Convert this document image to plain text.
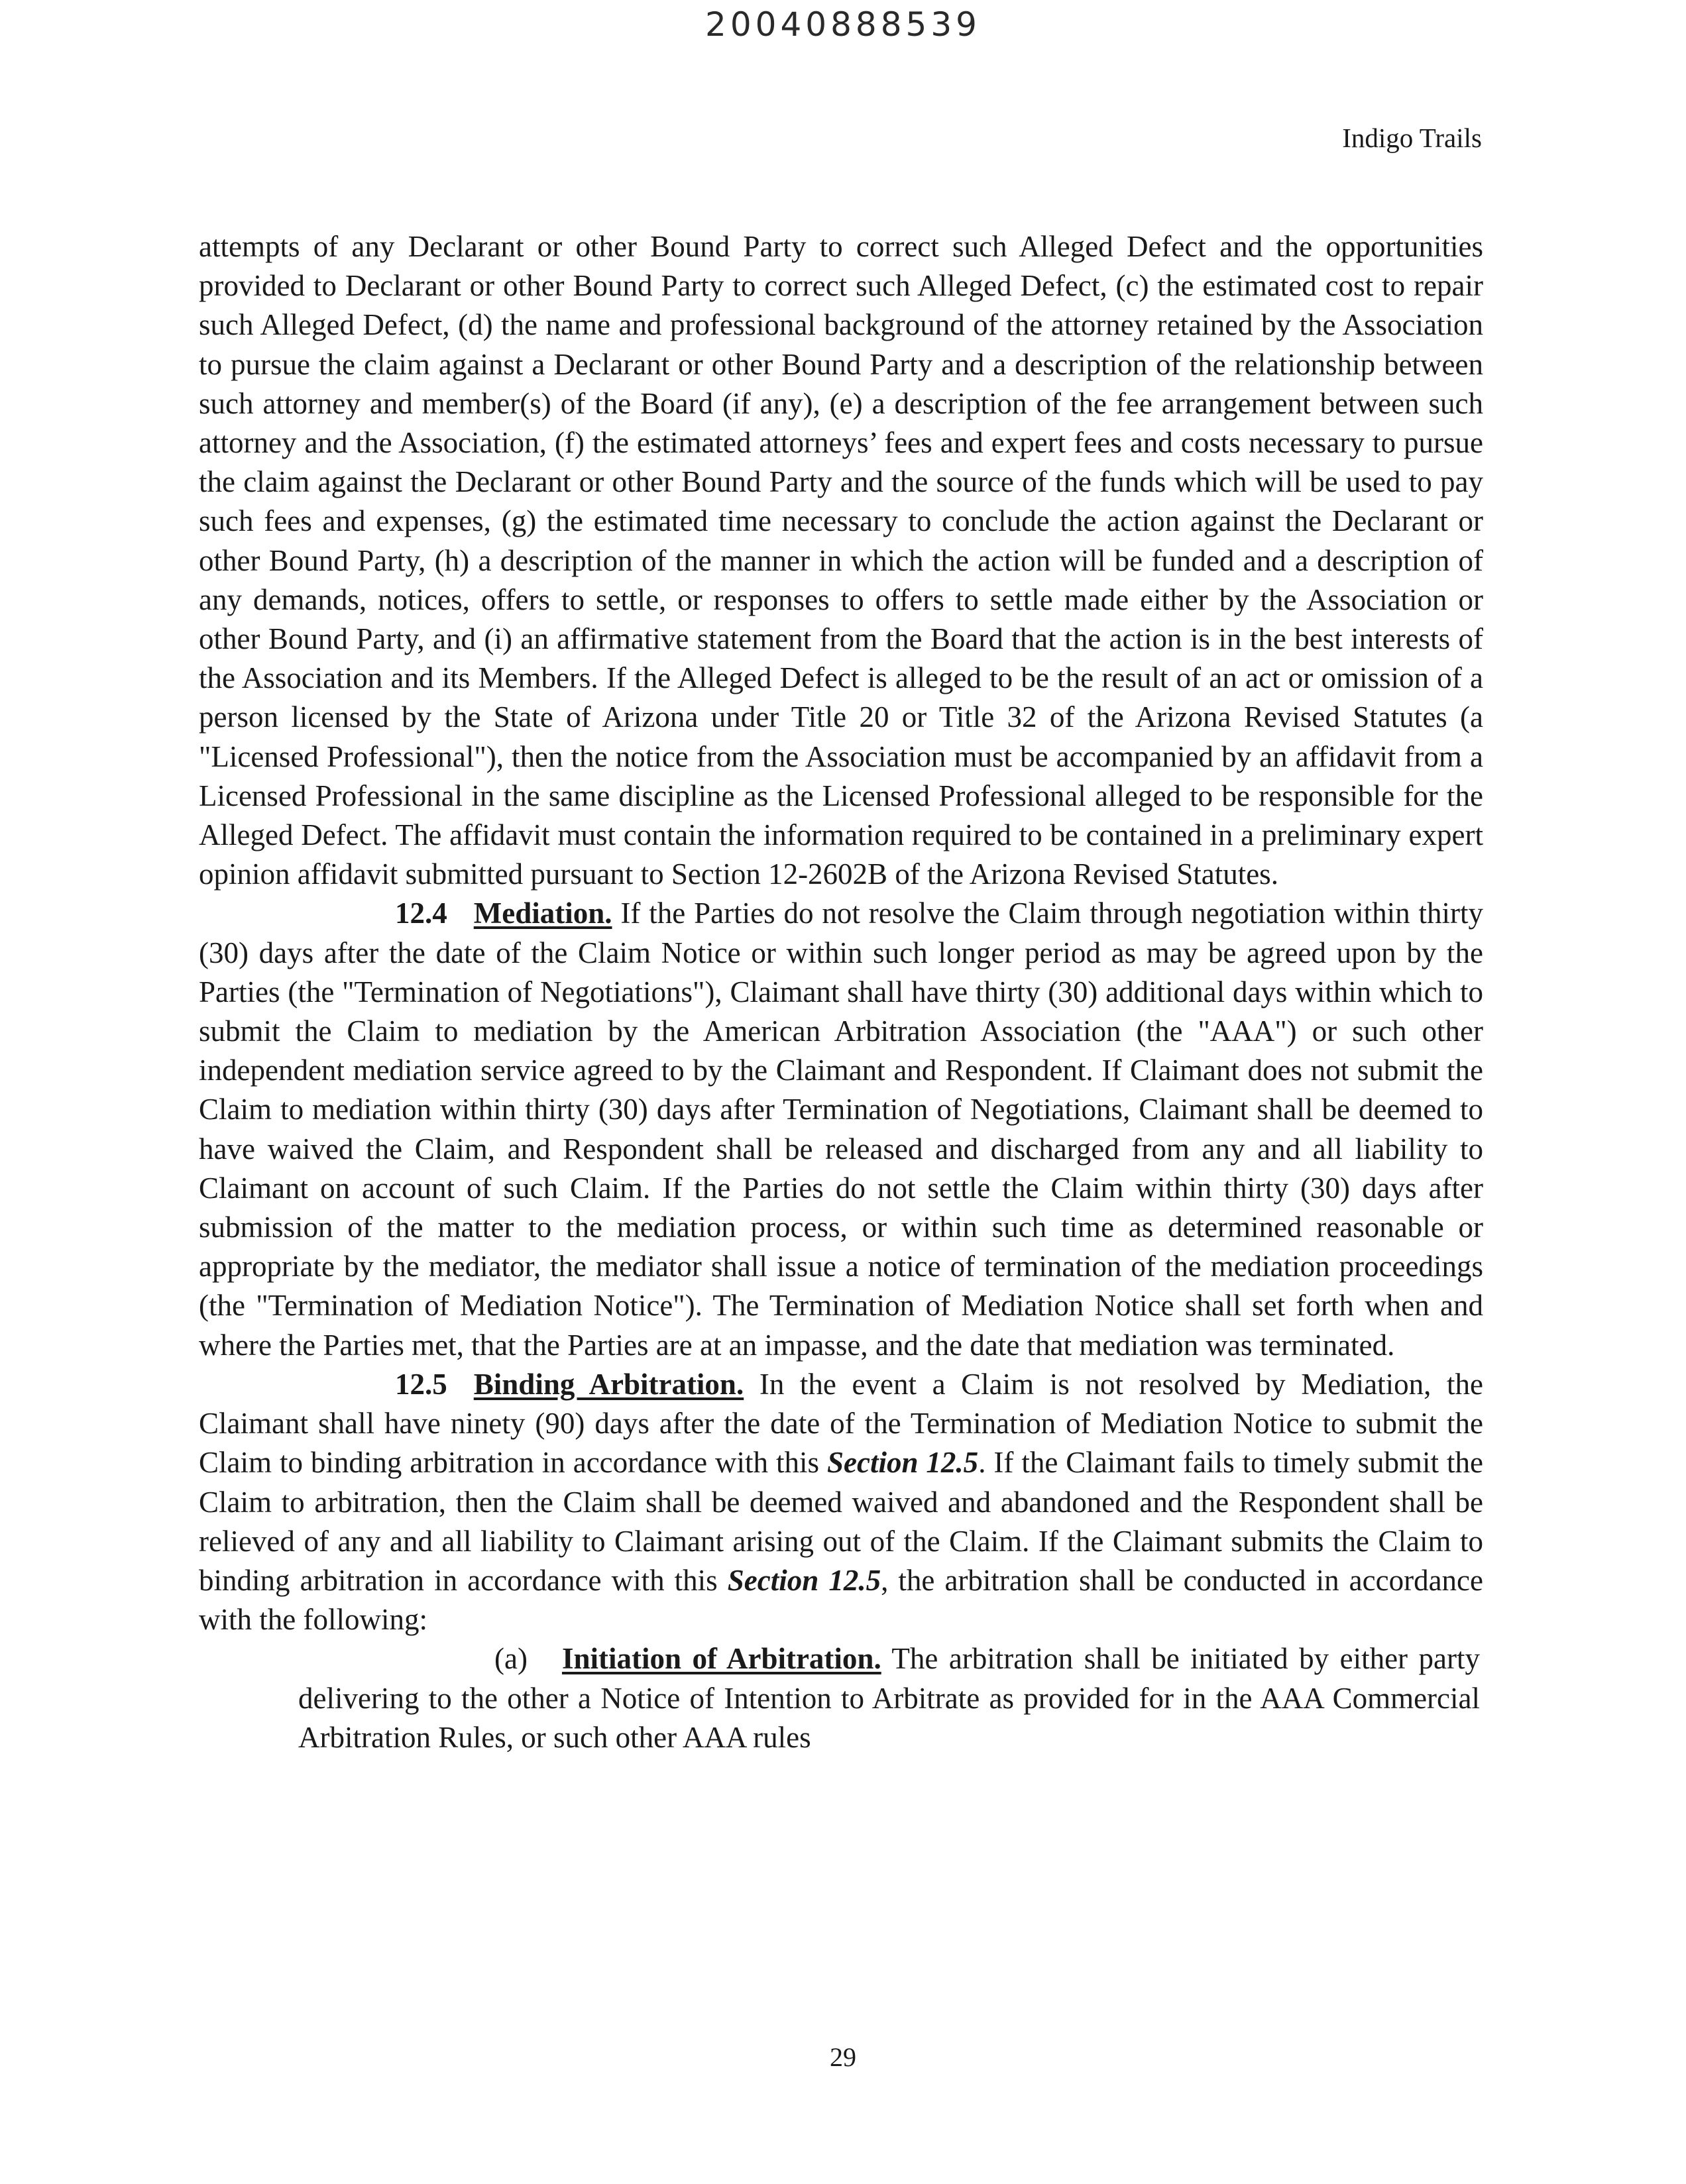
20040888539
Indigo Trails

attempts of any Declarant or other Bound Party to correct such Alleged Defect and the opportunities provided to Declarant or other Bound Party to correct such Alleged Defect, (c) the estimated cost to repair such Alleged Defect, (d) the name and professional background of the attorney retained by the Association to pursue the claim against a Declarant or other Bound Party and a description of the relationship between such attorney and member(s) of the Board (if any), (e) a description of the fee arrangement between such attorney and the Association, (f) the estimated attorneys’ fees and expert fees and costs necessary to pursue the claim against the Declarant or other Bound Party and the source of the funds which will be used to pay such fees and expenses, (g) the estimated time necessary to conclude the action against the Declarant or other Bound Party, (h) a description of the manner in which the action will be funded and a description of any demands, notices, offers to settle, or responses to offers to settle made either by the Association or other Bound Party, and (i) an affirmative statement from the Board that the action is in the best interests of the Association and its Members. If the Alleged Defect is alleged to be the result of an act or omission of a person licensed by the State of Arizona under Title 20 or Title 32 of the Arizona Revised Statutes (a "Licensed Professional"), then the notice from the Association must be accompanied by an affidavit from a Licensed Professional in the same discipline as the Licensed Professional alleged to be responsible for the Alleged Defect. The affidavit must contain the information required to be contained in a preliminary expert opinion affidavit submitted pursuant to Section 12-2602B of the Arizona Revised Statutes.

12.4 Mediation. If the Parties do not resolve the Claim through negotiation within thirty (30) days after the date of the Claim Notice or within such longer period as may be agreed upon by the Parties (the "Termination of Negotiations"), Claimant shall have thirty (30) additional days within which to submit the Claim to mediation by the American Arbitration Association (the "AAA") or such other independent mediation service agreed to by the Claimant and Respondent. If Claimant does not submit the Claim to mediation within thirty (30) days after Termination of Negotiations, Claimant shall be deemed to have waived the Claim, and Respondent shall be released and discharged from any and all liability to Claimant on account of such Claim. If the Parties do not settle the Claim within thirty (30) days after submission of the matter to the mediation process, or within such time as determined reasonable or appropriate by the mediator, the mediator shall issue a notice of termination of the mediation proceedings (the "Termination of Mediation Notice"). The Termination of Mediation Notice shall set forth when and where the Parties met, that the Parties are at an impasse, and the date that mediation was terminated.

12.5 Binding Arbitration. In the event a Claim is not resolved by Mediation, the Claimant shall have ninety (90) days after the date of the Termination of Mediation Notice to submit the Claim to binding arbitration in accordance with this Section 12.5. If the Claimant fails to timely submit the Claim to arbitration, then the Claim shall be deemed waived and abandoned and the Respondent shall be relieved of any and all liability to Claimant arising out of the Claim. If the Claimant submits the Claim to binding arbitration in accordance with this Section 12.5, the arbitration shall be conducted in accordance with the following:

(a) Initiation of Arbitration. The arbitration shall be initiated by either party delivering to the other a Notice of Intention to Arbitrate as provided for in the AAA Commercial Arbitration Rules, or such other AAA rules

29
